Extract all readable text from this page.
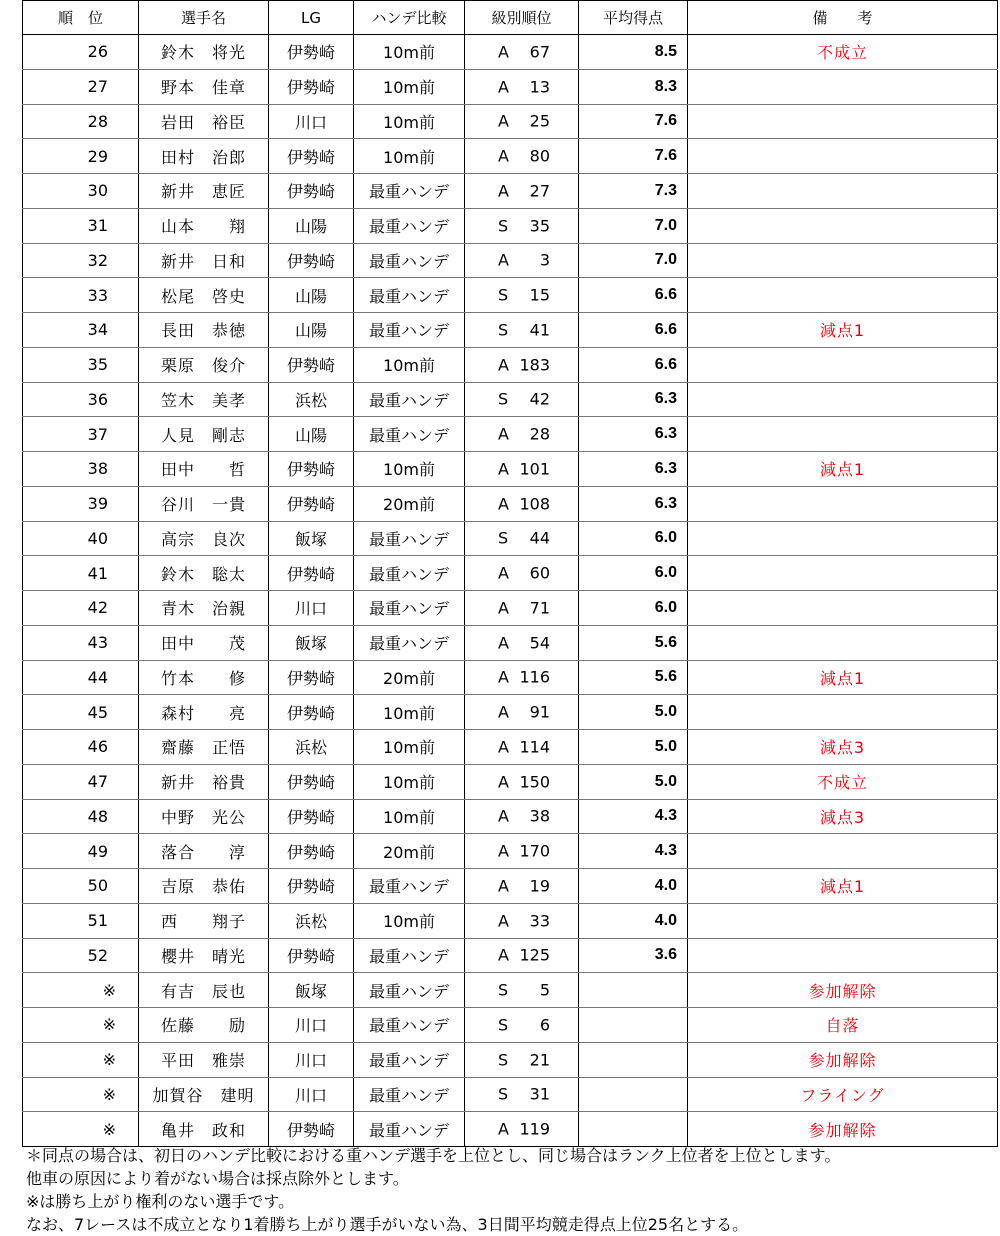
順　位	選手名	LG	ハンデ比較	級別順位	平均得点	備　　考
26	鈴木　将光	伊勢崎	10m前	A 67	8.5	不成立
27	野本　佳章	伊勢崎	10m前	A 13	8.3	
28	岩田　裕臣	川口	10m前	A 25	7.6	
29	田村　治郎	伊勢崎	10m前	A 80	7.6	
30	新井　恵匠	伊勢崎	最重ハンデ	A 27	7.3	
31	山本　　翔	山陽	最重ハンデ	S 35	7.0	
32	新井　日和	伊勢崎	最重ハンデ	A 3	7.0	
33	松尾　啓史	山陽	最重ハンデ	S 15	6.6	
34	長田　恭徳	山陽	最重ハンデ	S 41	6.6	減点1
35	栗原　俊介	伊勢崎	10m前	A 183	6.6	
36	笠木　美孝	浜松	最重ハンデ	S 42	6.3	
37	人見　剛志	山陽	最重ハンデ	A 28	6.3	
38	田中　　哲	伊勢崎	10m前	A 101	6.3	減点1
39	谷川　一貴	伊勢崎	20m前	A 108	6.3	
40	高宗　良次	飯塚	最重ハンデ	S 44	6.0	
41	鈴木　聡太	伊勢崎	最重ハンデ	A 60	6.0	
42	青木　治親	川口	最重ハンデ	A 71	6.0	
43	田中　　茂	飯塚	最重ハンデ	A 54	5.6	
44	竹本　　修	伊勢崎	20m前	A 116	5.6	減点1
45	森村　　亮	伊勢崎	10m前	A 91	5.0	
46	齋藤　正悟	浜松	10m前	A 114	5.0	減点3
47	新井　裕貴	伊勢崎	10m前	A 150	5.0	不成立
48	中野　光公	伊勢崎	10m前	A 38	4.3	減点3
49	落合　　淳	伊勢崎	20m前	A 170	4.3	
50	吉原　恭佑	伊勢崎	最重ハンデ	A 19	4.0	減点1
51	西　　翔子	浜松	10m前	A 33	4.0	
52	櫻井　晴光	伊勢崎	最重ハンデ	A 125	3.6	
※	有吉　辰也	飯塚	最重ハンデ	S 5		参加解除
※	佐藤　　励	川口	最重ハンデ	S 6		自落
※	平田　雅崇	川口	最重ハンデ	S 21		参加解除
※	加賀谷　建明	川口	最重ハンデ	S 31		フライング
※	亀井　政和	伊勢崎	最重ハンデ	A 119		参加解除
＊同点の場合は、初日のハンデ比較における重ハンデ選手を上位とし、同じ場合はランク上位者を上位とします。
他車の原因により着がない場合は採点除外とします。
※は勝ち上がり権利のない選手です。
なお、7レースは不成立となり1着勝ち上がり選手がいない為、3日間平均競走得点上位25名とする。
